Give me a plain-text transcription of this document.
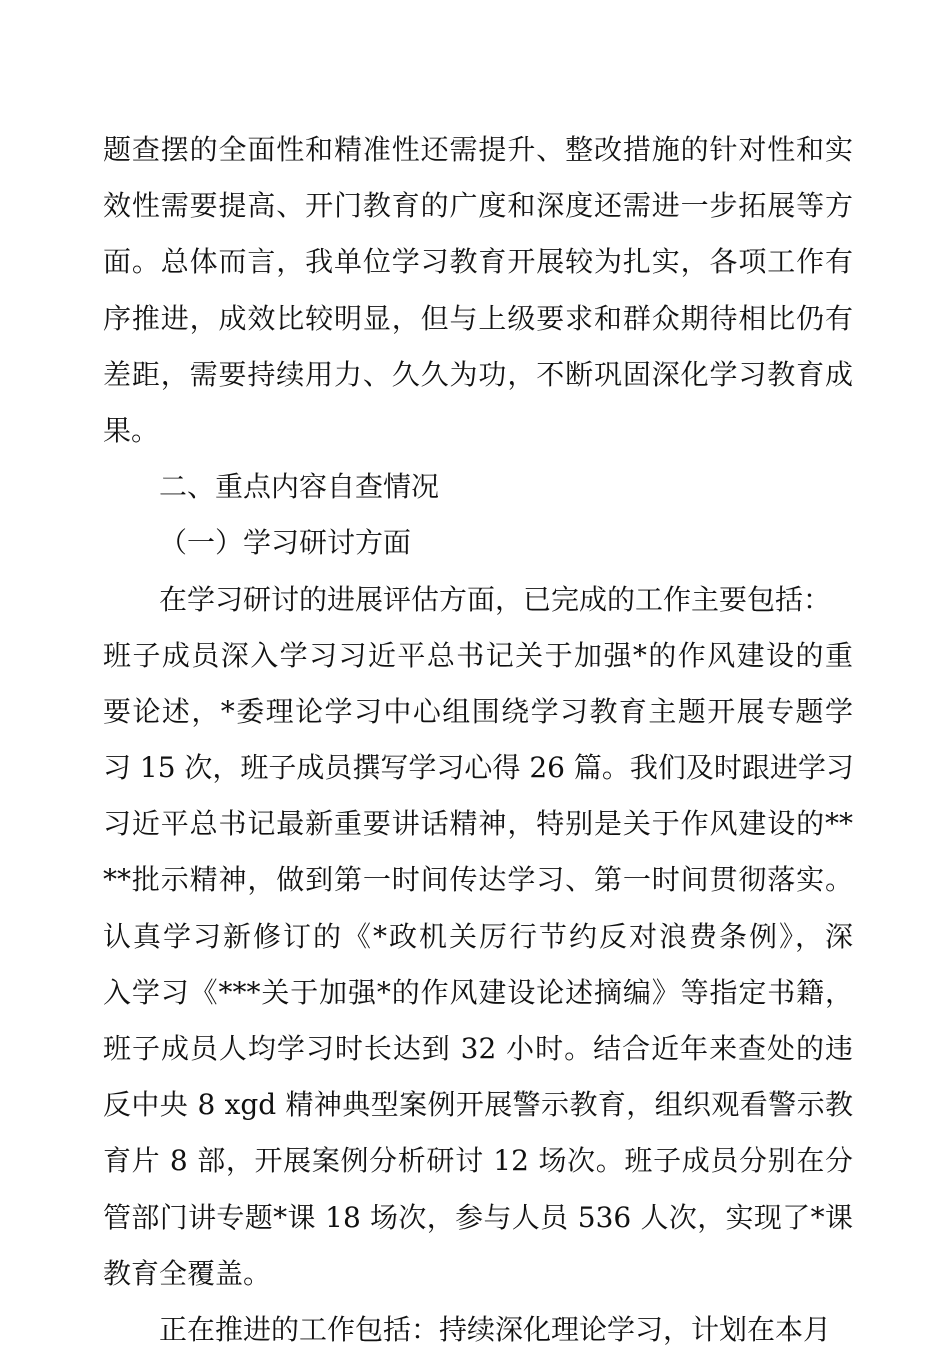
题查摆的全面性和精准性还需提升、整改措施的针对性和实
效性需要提高、开门教育的广度和深度还需进一步拓展等方
面。总体而言，我单位学习教育开展较为扎实，各项工作有
序推进，成效比较明显，但与上级要求和群众期待相比仍有
差距，需要持续用力、久久为功，不断巩固深化学习教育成
果。
二、重点内容自查情况
（一）学习研讨方面
在学习研讨的进展评估方面，已完成的工作主要包括：
班子成员深入学习习近平总书记关于加强*的作风建设的重
要论述，*委理论学习中心组围绕学习教育主题开展专题学
习 15 次，班子成员撰写学习心得 26 篇。我们及时跟进学习
习近平总书记最新重要讲话精神，特别是关于作风建设的**
**批示精神，做到第一时间传达学习、第一时间贯彻落实。
认真学习新修订的《*政机关厉行节约反对浪费条例》，深
入学习《***关于加强*的作风建设论述摘编》等指定书籍，
班子成员人均学习时长达到 32 小时。结合近年来查处的违
反中央 8 xgd 精神典型案例开展警示教育，组织观看警示教
育片 8 部，开展案例分析研讨 12 场次。班子成员分别在分
管部门讲专题*课 18 场次，参与人员 536 人次，实现了*课
教育全覆盖。
正在推进的工作包括：持续深化理论学习，计划在本月
